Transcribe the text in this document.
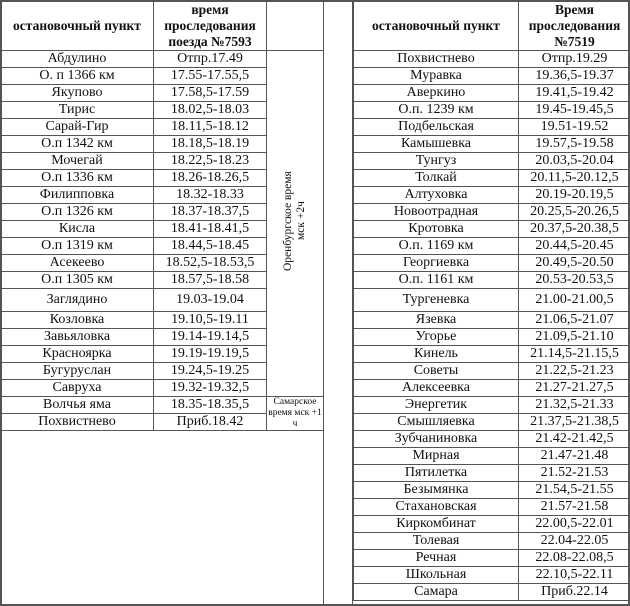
остановочный пункт	время проследования поезда №7593	
Абдулино	Отпр.17.49	Оренбургское время мск +2ч
О. п 1366 км	17.55-17.55,5	
Якупово	17.58,5-17.59	
Тирис	18.02,5-18.03	
Сарай-Гир	18.11,5-18.12	
О.п 1342 км	18.18,5-18.19	
Мочегай	18.22,5-18.23	
О.п 1336 км	18.26-18.26,5	
Филипповка	18.32-18.33	
О.п 1326 км	18.37-18.37,5	
Кисла	18.41-18.41,5	
О.п 1319 км	18.44,5-18.45	
Асекеево	18.52,5-18.53,5	
О.п 1305 км	18.57,5-18.58	
Заглядино	19.03-19.04	
Козловка	19.10,5-19.11	
Завьяловка	19.14-19.14,5	
Красноярка	19.19-19.19,5	
Бугуруслан	19.24,5-19.25	
Савруха	19.32-19.32,5	
Волчья яма	18.35-18.35,5	Самарское время мск +1 ч
Похвистнево	Приб.18.42	
остановочный пункт	Время проследования №7519
Похвистнево	Отпр.19.29
Муравка	19.36,5-19.37
Аверкино	19.41,5-19.42
О.п. 1239 км	19.45-19.45,5
Подбельская	19.51-19.52
Камышевка	19.57,5-19.58
Тунгуз	20.03,5-20.04
Толкай	20.11,5-20.12,5
Алтуховка	20.19-20.19,5
Новоотрадная	20.25,5-20.26,5
Кротовка	20.37,5-20.38,5
О.п. 1169 км	20.44,5-20.45
Георгиевка	20.49,5-20.50
О.п. 1161 км	20.53-20.53,5
Тургеневка	21.00-21.00,5
Язевка	21.06,5-21.07
Угорье	21.09,5-21.10
Кинель	21.14,5-21.15,5
Советы	21.22,5-21.23
Алексеевка	21.27-21.27,5
Энергетик	21.32,5-21.33
Смышляевка	21.37,5-21.38,5
Зубчаниновка	21.42-21.42,5
Мирная	21.47-21.48
Пятилетка	21.52-21.53
Безымянка	21.54,5-21.55
Стахановская	21.57-21.58
Киркомбинат	22.00,5-22.01
Толевая	22.04-22.05
Речная	22.08-22.08,5
Школьная	22.10,5-22.11
Самара	Приб.22.14
